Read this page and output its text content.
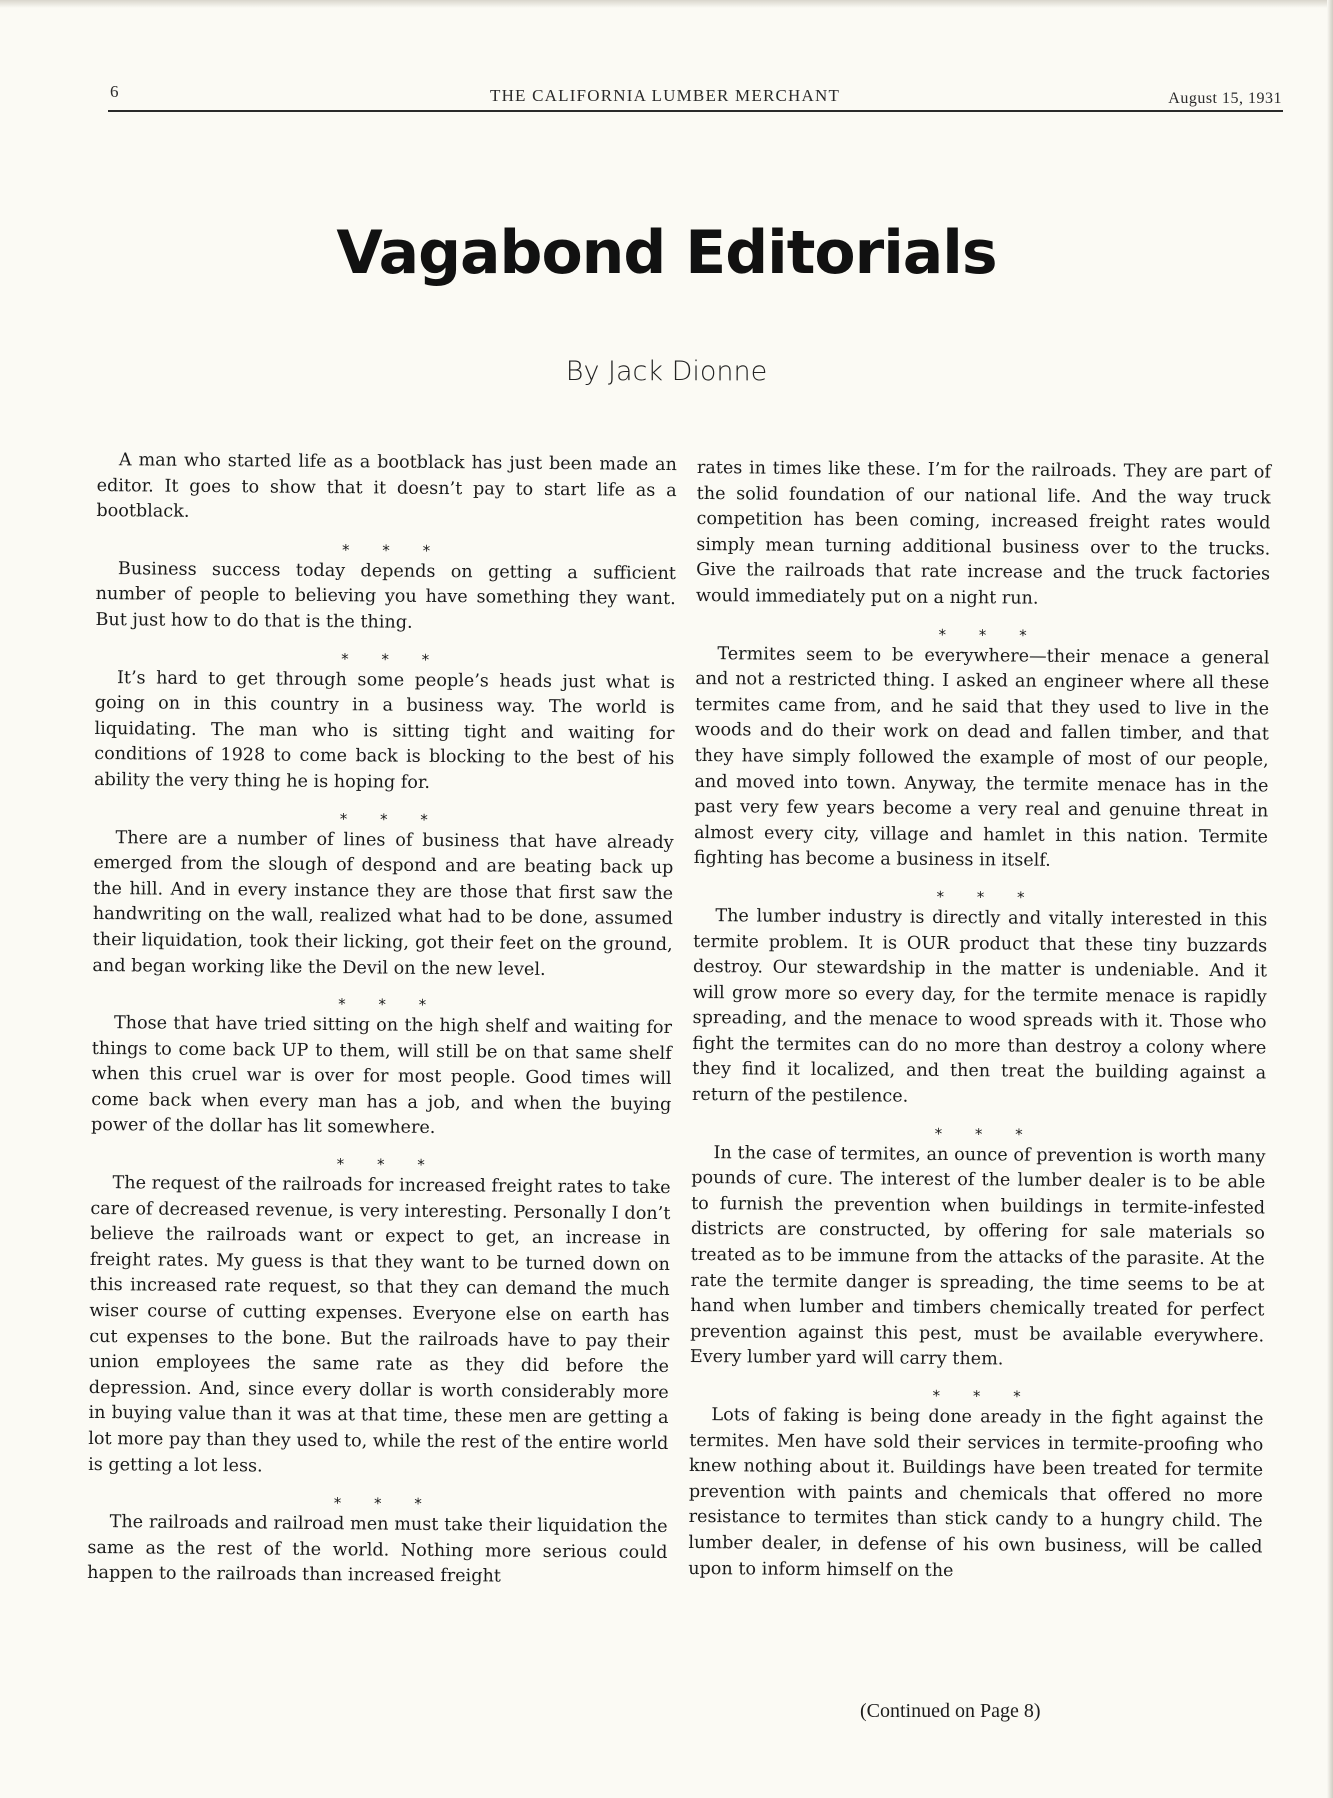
6	THE CALIFORNIA LUMBER MERCHANT	August 15, 1931
Vagabond Editorials
By Jack Dionne

A man who started life as a bootblack has just been made an editor. It goes to show that it doesn’t pay to start life as a bootblack.

* * *

Business success today depends on getting a sufficient number of people to believing you have something they want. But just how to do that is the thing.

* * *

It’s hard to get through some people’s heads just what is going on in this country in a business way. The world is liquidating. The man who is sitting tight and waiting for conditions of 1928 to come back is blocking to the best of his ability the very thing he is hoping for.

* * *

There are a number of lines of business that have already emerged from the slough of despond and are beating back up the hill. And in every instance they are those that first saw the handwriting on the wall, realized what had to be done, assumed their liquidation, took their licking, got their feet on the ground, and began working like the Devil on the new level.

* * *

Those that have tried sitting on the high shelf and waiting for things to come back UP to them, will still be on that same shelf when this cruel war is over for most people. Good times will come back when every man has a job, and when the buying power of the dollar has lit somewhere.

* * *

The request of the railroads for increased freight rates to take care of decreased revenue, is very interesting. Personally I don’t believe the railroads want or expect to get, an increase in freight rates. My guess is that they want to be turned down on this increased rate request, so that they can demand the much wiser course of cutting expenses. Everyone else on earth has cut expenses to the bone. But the railroads have to pay their union employees the same rate as they did before the depression. And, since every dollar is worth considerably more in buying value than it was at that time, these men are getting a lot more pay than they used to, while the rest of the entire world is getting a lot less.

* * *

The railroads and railroad men must take their liquidation the same as the rest of the world. Nothing more serious could happen to the railroads than increased freight

rates in times like these. I’m for the railroads. They are part of the solid foundation of our national life. And the way truck competition has been coming, increased freight rates would simply mean turning additional business over to the trucks. Give the railroads that rate increase and the truck factories would immediately put on a night run.

* * *

Termites seem to be everywhere—their menace a general and not a restricted thing. I asked an engineer where all these termites came from, and he said that they used to live in the woods and do their work on dead and fallen timber, and that they have simply followed the example of most of our people, and moved into town. Anyway, the termite menace has in the past very few years become a very real and genuine threat in almost every city, village and hamlet in this nation. Termite fighting has become a business in itself.

* * *

The lumber industry is directly and vitally interested in this termite problem. It is OUR product that these tiny buzzards destroy. Our stewardship in the matter is undeniable. And it will grow more so every day, for the termite menace is rapidly spreading, and the menace to wood spreads with it. Those who fight the termites can do no more than destroy a colony where they find it localized, and then treat the building against a return of the pestilence.

* * *

In the case of termites, an ounce of prevention is worth many pounds of cure. The interest of the lumber dealer is to be able to furnish the prevention when buildings in termite-infested districts are constructed, by offering for sale materials so treated as to be immune from the attacks of the parasite. At the rate the termite danger is spreading, the time seems to be at hand when lumber and timbers chemically treated for perfect prevention against this pest, must be available everywhere. Every lumber yard will carry them.

* * *

Lots of faking is being done aready in the fight against the termites. Men have sold their services in termite-proofing who knew nothing about it. Buildings have been treated for termite prevention with paints and chemicals that offered no more resistance to termites than stick candy to a hungry child. The lumber dealer, in defense of his own business, will be called upon to inform himself on the

(Continued on Page 8)
